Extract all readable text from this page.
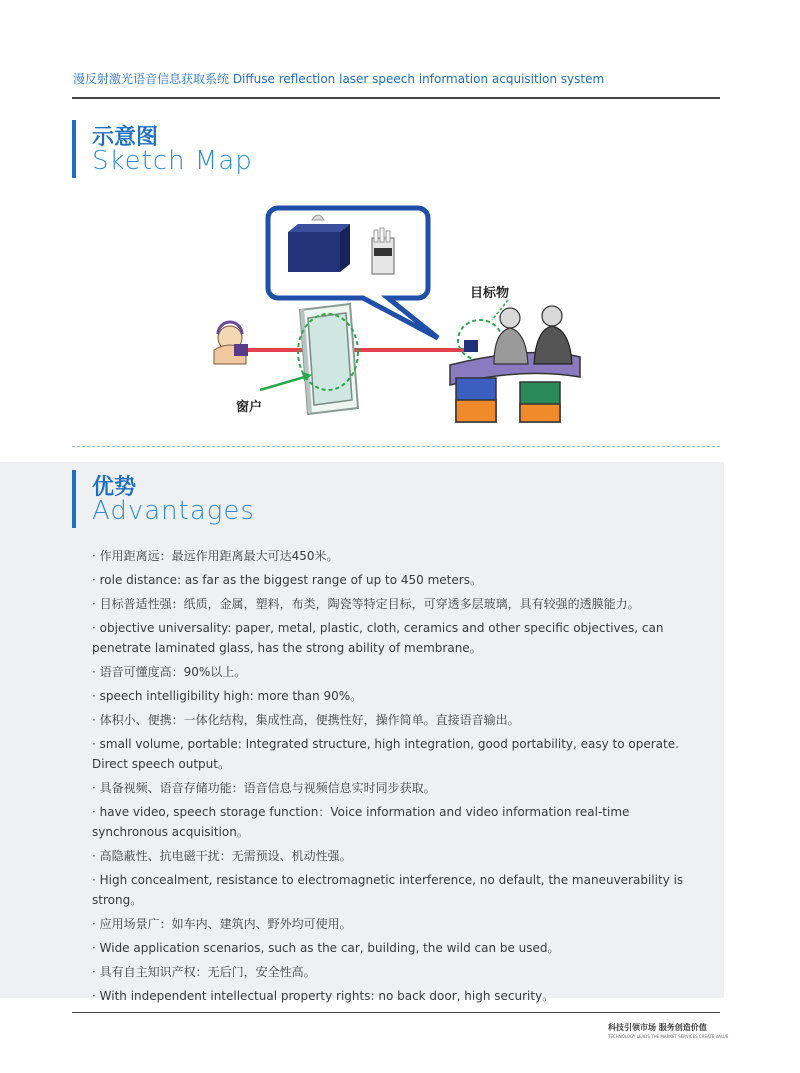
漫反射激光语音信息获取系统 Diffuse reflection laser speech information acquisition system
示意图
Sketch Map
目标物
窗户
优势
Advantages
· 作用距离远：最远作用距离最大可达450米。
· role distance: as far as the biggest range of up to 450 meters。
· 目标普适性强：纸质，金属，塑料，布类，陶瓷等特定目标，可穿透多层玻璃，具有较强的透膜能力。
· objective universality: paper, metal, plastic, cloth, ceramics and other specific objectives, can penetrate laminated glass, has the strong ability of membrane。
· 语音可懂度高：90%以上。
· speech intelligibility high: more than 90%。
· 体积小、便携：一体化结构，集成性高，便携性好，操作简单。直接语音输出。
· small volume, portable: Integrated structure, high integration, good portability, easy to operate. Direct speech output。
· 具备视频、语音存储功能：语音信息与视频信息实时同步获取。
· have video, speech storage function：Voice information and video information real-time synchronous acquisition。
· 高隐蔽性、抗电磁干扰：无需预设、机动性强。
· High concealment, resistance to electromagnetic interference, no default, the maneuverability is strong。
· 应用场景广：如车内、建筑内、野外均可使用。
· Wide application scenarios, such as the car, building, the wild can be used。
· 具有自主知识产权：无后门，安全性高。
· With independent intellectual property rights: no back door, high security。
科技引领市场 服务创造价值
TECHNOLOGY LEADS THE MARKET SERVICES CREATE VALUE
